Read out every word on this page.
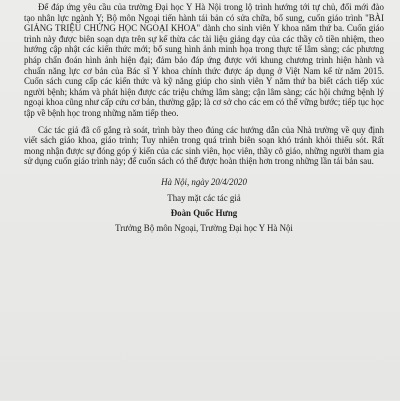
Để đáp ứng yêu cầu của trường Đại học Y Hà Nội trong lộ trình hướng tới tự chủ, đổi mới đào tạo nhân lực ngành Y; Bộ môn Ngoại tiến hành tái bản có sửa chữa, bổ sung, cuốn giáo trình "BÀI GIẢNG TRIỆU CHỨNG HỌC NGOẠI KHOA" dành cho sinh viên Y khoa năm thứ ba. Cuốn giáo trình này được biên soạn dựa trên sự kế thừa các tài liệu giảng dạy của các thầy cô tiền nhiệm, theo hướng cập nhật các kiến thức mới; bổ sung hình ảnh minh họa trong thực tế lâm sàng; các phương pháp chẩn đoán hình ảnh hiện đại; đảm bảo đáp ứng được với khung chương trình hiện hành và chuẩn năng lực cơ bản của Bác sĩ Y khoa chính thức được áp dụng ở Việt Nam kể từ năm 2015. Cuốn sách cung cấp các kiến thức và kỹ năng giúp cho sinh viên Y năm thứ ba biết cách tiếp xúc người bệnh; khám và phát hiện được các triệu chứng lâm sàng; cận lâm sàng; các hội chứng bệnh lý ngoại khoa cũng như cấp cứu cơ bản, thường gặp; là cơ sở cho các em có thể vững bước; tiếp tục học tập về bệnh học trong những năm tiếp theo.

Các tác giả đã cố gắng rà soát, trình bày theo đúng các hướng dẫn của Nhà trường về quy định viết sách giáo khoa, giáo trình; Tuy nhiên trong quá trình biên soạn khó tránh khỏi thiếu sót. Rất mong nhận được sự đóng góp ý kiến của các sinh viên, học viên, thầy cô giáo, những người tham gia sử dụng cuốn giáo trình này; để cuốn sách có thể được hoàn thiện hơn trong những lần tái bản sau.

Hà Nội, ngày 20/4/2020
Thay mặt các tác giả
Đoàn Quốc Hưng
Trưởng Bộ môn Ngoại, Trường Đại học Y Hà Nội
